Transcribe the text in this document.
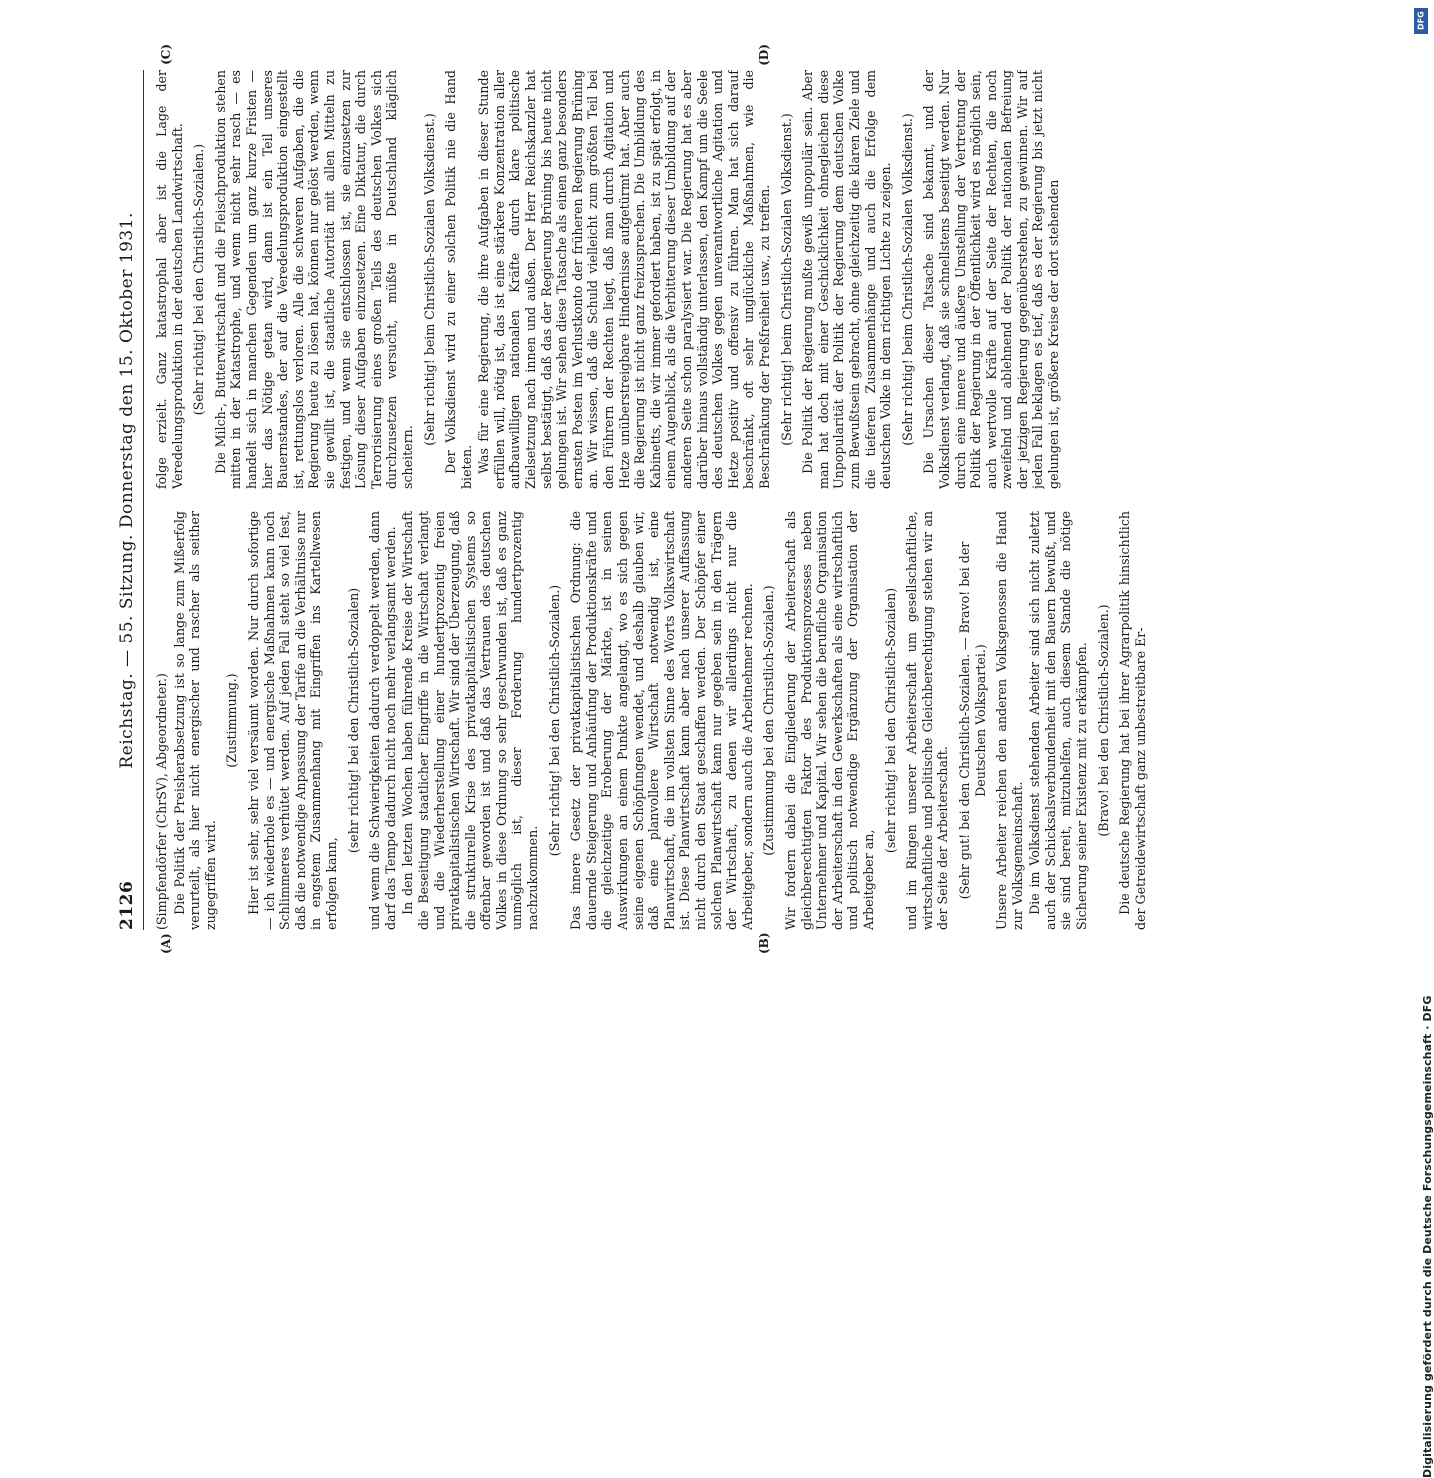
2126
Reichstag. — 55. Sitzung. Donnerstag den 15. Oktober 1931.

(Simpfendörfer (ChrSV), Abgeordneter.) Die Politik der Preisherabsetzung ist so lange zum Mißerfolg verurteilt, als hier nicht energischer und rascher als seither zugegriffen wird.

(Zustimmung.) Hier ist sehr, sehr viel versäumt worden. Nur durch sofortige — ich wiederhole es — und energische Maßnahmen kann noch Schlimmeres verhütet werden. Auf jeden Fall steht so viel fest, daß die notwendige Anpassung der Tarife an die Verhältnisse nur in engstem Zusammenhang mit Eingriffen ins Kartellwesen erfolgen kann,

(sehr richtig! bei den Christlich-Sozialen) und wenn die Schwierigkeiten dadurch verdoppelt werden, dann darf das Tempo dadurch nicht noch mehr verlangsamt werden. In den letzten Wochen haben führende Kreise der Wirtschaft die Beseitigung staatlicher Eingriffe in die Wirtschaft verlangt und die Wiederherstellung einer hundertprozentig freien privatkapitalistischen Wirtschaft. Wir sind der Überzeugung, daß die strukturelle Krise des privatkapitalistischen Systems so offenbar geworden ist und daß das Vertrauen des deutschen Volkes in diese Ordnung so sehr geschwunden ist, daß es ganz unmöglich ist, dieser Forderung hundertprozentig nachzukommen.

(Sehr richtig! bei den Christlich-Sozialen.) Das innere Gesetz der privatkapitalistischen Ordnung: die dauernde Steigerung und Anhäufung der Produktionskräfte und die gleichzeitige Eroberung der Märkte, ist in seinen Auswirkungen an einem Punkte angelangt, wo es sich gegen seine eigenen Schöpfungen wendet, und deshalb glauben wir, daß eine planvollere Wirtschaft notwendig ist, eine Planwirtschaft, die im vollsten Sinne des Worts Volkswirtschaft ist. Diese Planwirtschaft kann aber nach unserer Auffassung nicht durch den Staat geschaffen werden. Der Schöpfer einer solchen Planwirtschaft kann nur gegeben sein in den Trägern der Wirtschaft, zu denen wir allerdings nicht nur die Arbeitgeber, sondern auch die Arbeitnehmer rechnen. (Zustimmung bei den Christlich-Sozialen.) Wir fordern dabei die Eingliederung der Arbeiterschaft als gleichberechtigten Faktor des Produktionsprozesses neben Unternehmer und Kapital. Wir sehen die berufliche Organisation der Arbeiterschaft in den Gewerkschaften als eine wirtschaftlich und politisch notwendige Ergänzung der Organisation der Arbeitgeber an,

(sehr richtig! bei den Christlich-Sozialen) und im Ringen unserer Arbeiterschaft um gesellschaftliche, wirtschaftliche und politische Gleichberechtigung stehen wir an der Seite der Arbeiterschaft. (Sehr gut! bei den Christlich-Sozialen. — Bravo! bei der Deutschen Volkspartei.) Unsere Arbeiter reichen den anderen Volksgenossen die Hand zur Volksgemeinschaft. Die im Volksdienst stehenden Arbeiter sind sich nicht zuletzt auch der Schicksalsverbundenheit mit den Bauern bewußt, und sie sind bereit, mitzuhelfen, auch diesem Stande die nötige Sicherung seiner Existenz mit zu erkämpfen. (Bravo! bei den Christlich-Sozialen.) Die deutsche Regierung hat bei ihrer Agrarpolitik hinsichtlich der Getreidewirtschaft ganz unbestreitbare Er-

folge erzielt. Ganz katastrophal aber ist die Lage der Veredelungsproduktion in der deutschen Landwirtschaft. (Sehr richtig! bei den Christlich-Sozialen.) Die Milch-, Butterwirtschaft und die Fleischproduktion stehen mitten in der Katastrophe, und wenn nicht sehr rasch — es handelt sich in manchen Gegenden um ganz kurze Fristen — hier das Nötige getan wird, dann ist ein Teil unseres Bauernstandes, der auf die Veredelungsproduktion eingestellt ist, rettungslos verloren. Alle die schweren Aufgaben, die die Regierung heute zu lösen hat, können nur gelöst werden, wenn sie gewillt ist, die staatliche Autorität mit allen Mitteln zu festigen, und wenn sie entschlossen ist, sie einzusetzen zur Lösung dieser Aufgaben einzusetzen. Eine Diktatur, die durch Terrorisierung eines großen Teils des deutschen Volkes sich durchzusetzen versucht, müßte in Deutschland kläglich scheitern.

(Sehr richtig! beim Christlich-Sozialen Volksdienst.) Der Volksdienst wird zu einer solchen Politik nie die Hand bieten. Was für eine Regierung, die ihre Aufgaben in dieser Stunde erfüllen will, nötig ist, das ist eine stärkere Konzentration aller aufbauwilligen nationalen Kräfte durch klare politische Zielsetzung nach innen und außen. Der Herr Reichskanzler hat selbst bestätigt, daß das der Regierung Brüning bis heute nicht gelungen ist. Wir sehen diese Tatsache als einen ganz besonders ernsten Posten im Verlustkonto der früheren Regierung Brüning an. Wir wissen, daß die Schuld vielleicht zum größten Teil bei den Führern der Rechten liegt, daß man durch Agitation und Hetze unüberstreigbare Hindernisse aufgetürmt hat. Aber auch die Regierung ist nicht ganz freizusprechen. Die Umbildung des Kabinetts, die wir immer gefordert haben, ist zu spät erfolgt, in einem Augenblick, als die Verbitterung dieser Umbildung auf der anderen Seite schon paralysiert war. Die Regierung hat es aber darüber hinaus vollständig unterlassen, den Kampf um die Seele des deutschen Volkes gegen unverantwortliche Agitation und Hetze positiv und offensiv zu führen. Man hat sich darauf beschränkt, oft sehr unglückliche Maßnahmen, wie die Beschränkung der Preßfreiheit usw., zu treffen. (Sehr richtig! beim Christlich-Sozialen Volksdienst.) Die Politik der Regierung mußte gewiß unpopulär sein. Aber man hat doch mit einer Geschicklichkeit ohnegleichen diese Unpopularität der Politik der Regierung dem deutschen Volke zum Bewußtsein gebracht, ohne gleichzeitig die klaren Ziele und die tieferen Zusammenhänge und auch die Erfolge dem deutschen Volke in dem richtigen Lichte zu zeigen. (Sehr richtig! beim Christlich-Sozialen Volksdienst.) Die Ursachen dieser Tatsache sind bekannt, und der Volksdienst verlangt, daß sie schnellstens beseitigt werden. Nur durch eine innere und äußere Umstellung der Vertretung der Politik der Regierung in der Öffentlichkeit wird es möglich sein, auch wertvolle Kräfte auf der Seite der Rechten, die noch zweifelnd und ablehnend der Politik der nationalen Befreiung der jetzigen Regierung gegenüberstehen, zu gewinnen. Wir auf jeden Fall beklagen es tief, daß es der Regierung bis jetzt nicht gelungen ist, größere Kreise der dort stehenden

(A)	(B)
(C)	(D)
DFG
Digitalisierung gefördert durch die Deutsche Forschungsgemeinschaft · DFG
